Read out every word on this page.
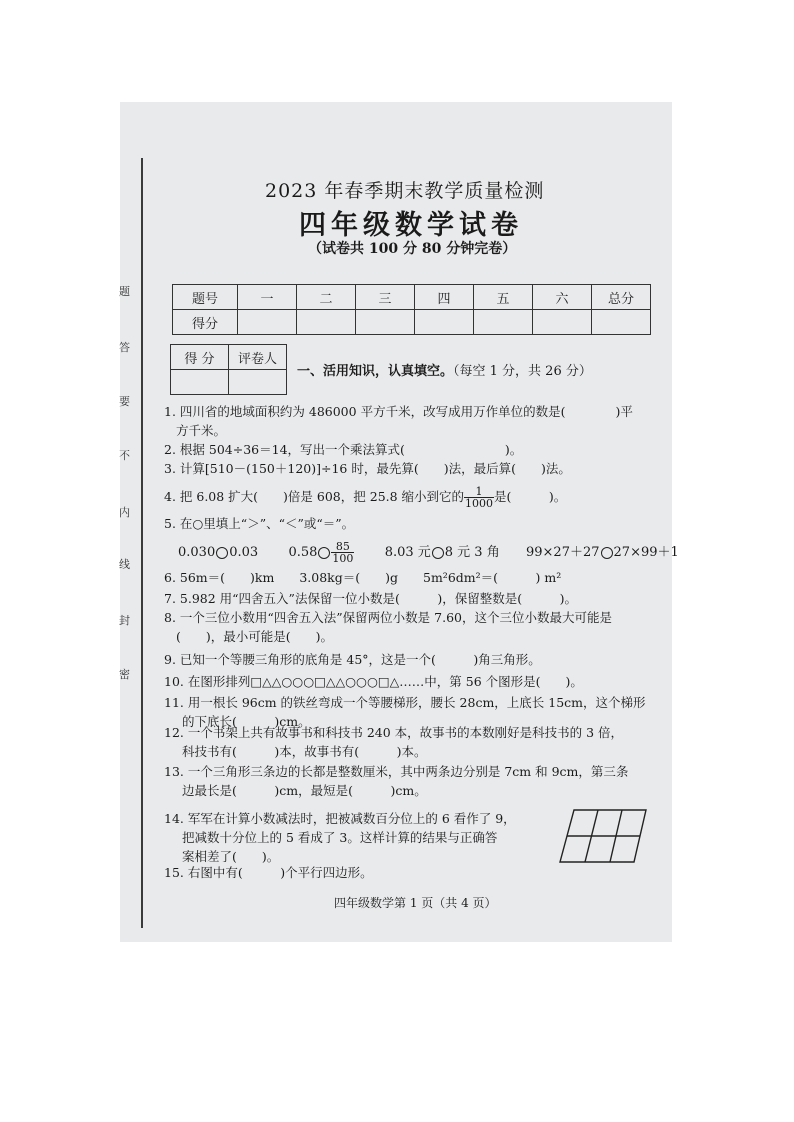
题
答
要
不
内
线
封
密
2023 年春季期末教学质量检测
四年级数学试卷
（试卷共 100 分 80 分钟完卷）
题号	一	二	三	四	五	六	总分
得分							
得 分	评卷人

一、活用知识，认真填空。（每空 1 分，共 26 分）
1. 四川省的地域面积约为 486000 平方千米，改写成用万作单位的数是(　　　　)平
方千米。
2. 根据 504÷36＝14，写出一个乘法算式(　　　　　　　　)。
3. 计算[510－(150＋120)]÷16 时，最先算(　　)法，最后算(　　)法。
4. 把 6.08 扩大(　　)倍是 608，把 25.8 缩小到它的 $\frac{1}{1000}$ 是(　　　)。
5. 在○里填上“＞”、“＜”或“＝”。
0.030 0.03 $0.58 \frac{85}{100} 8.03$ 元 8 元 3 角 99×27＋27 27×99＋1
6. 56m＝(　　)km　　3.08kg＝(　　)g　　5m²6dm²＝(　　　) m²
7. 5.982 用“四舍五入”法保留一位小数是(　　　)，保留整数是(　　　)。
8. 一个三位小数用“四舍五入法”保留两位小数是 7.60，这个三位小数最大可能是
(　　)，最小可能是(　　)。
9. 已知一个等腰三角形的底角是 45°，这是一个(　　　)角三角形。
10. 在图形排列□△△○○○□△△○○○□△……中，第 56 个图形是(　　)。
11. 用一根长 96cm 的铁丝弯成一个等腰梯形，腰长 28cm，上底长 15cm，这个梯形
的下底长(　　　)cm。
12. 一个书架上共有故事书和科技书 240 本，故事书的本数刚好是科技书的 3 倍，
科技书有(　　　)本，故事书有(　　　)本。
13. 一个三角形三条边的长都是整数厘米，其中两条边分别是 7cm 和 9cm，第三条
边最长是(　　　)cm，最短是(　　　)cm。
14. 军军在计算小数减法时，把被减数百分位上的 6 看作了 9，
把减数十分位上的 5 看成了 3。这样计算的结果与正确答
案相差了(　　)。
15. 右图中有(　　　)个平行四边形。
四年级数学第 1 页（共 4 页）
